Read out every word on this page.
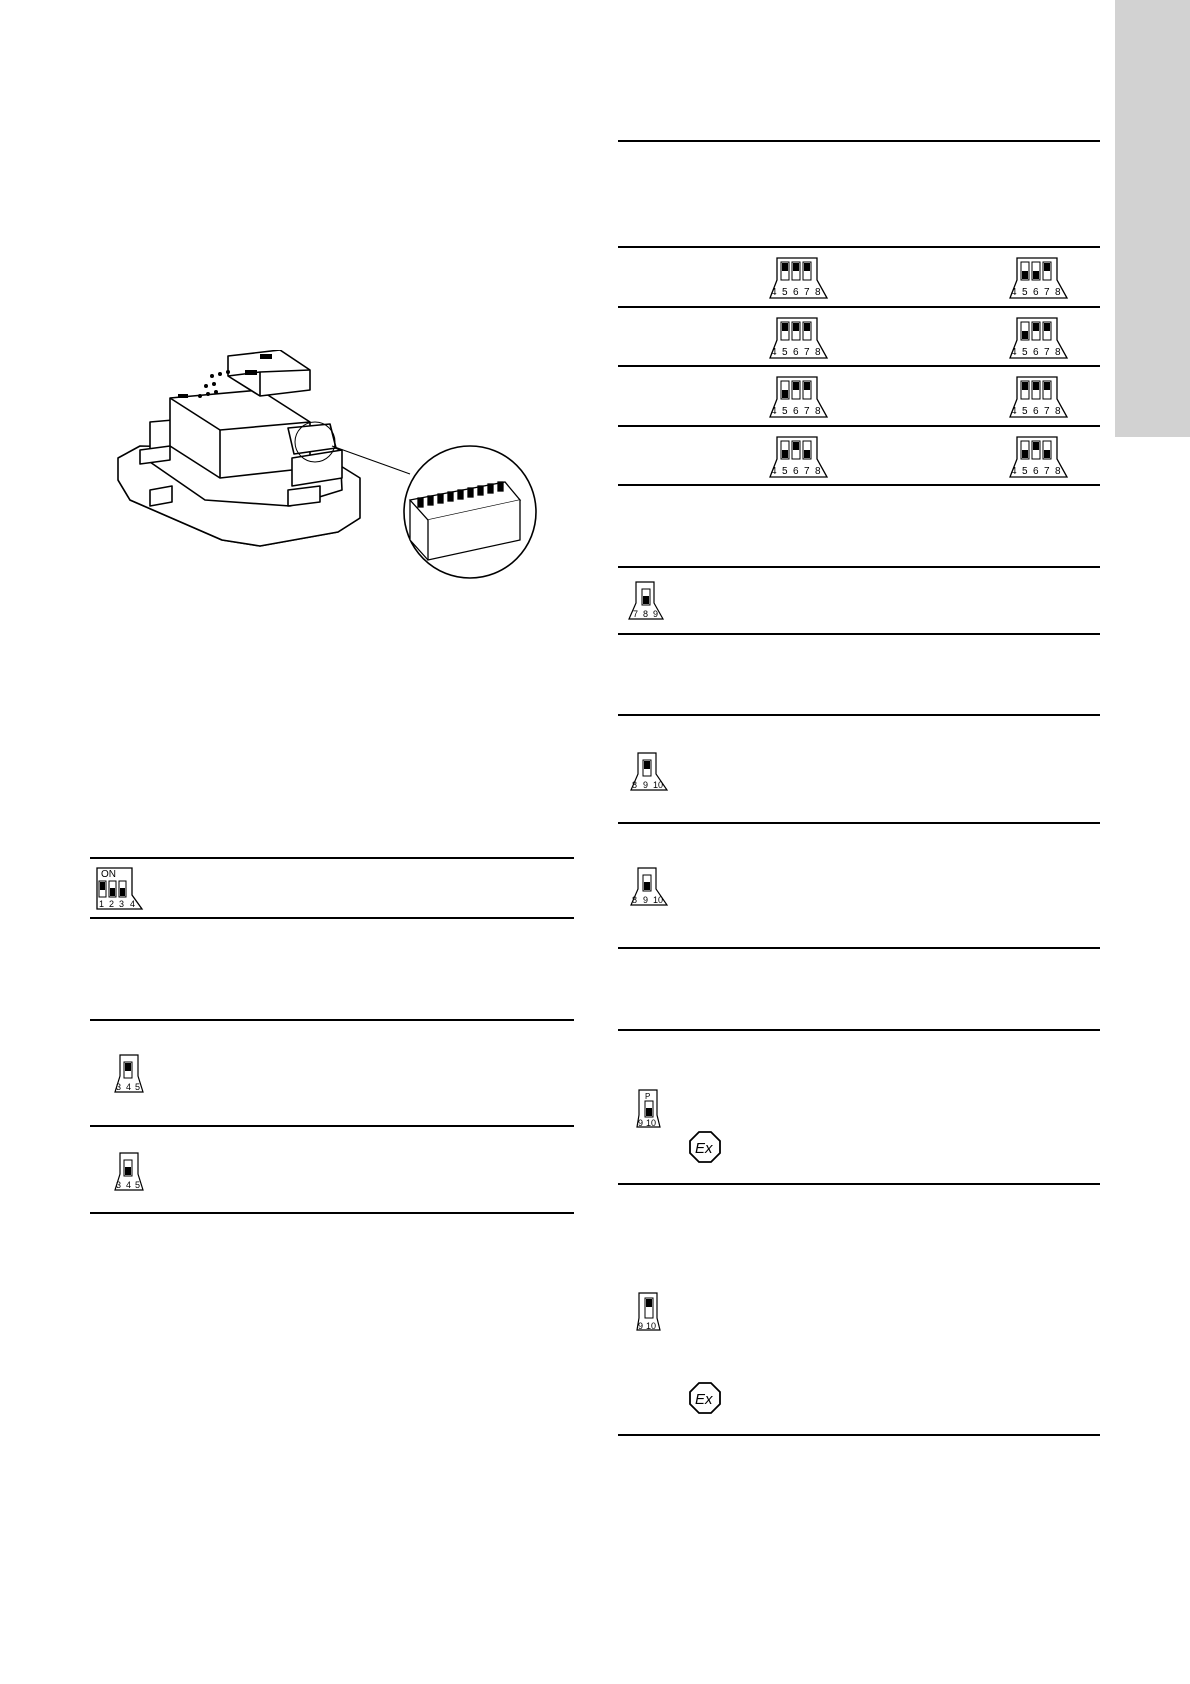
ON
1 2 3 4
3 4 5
3 4 5
4 5 6 7 8	4 5 6 7 8
4 5 6 7 8	4 5 6 7 8
4 5 6 7 8	4 5 6 7 8
4 5 6 7 8	4 5 6 7 8
7 8 9
8 9 10
8 9 10
P
9 10
Ex
9 10
Ex
